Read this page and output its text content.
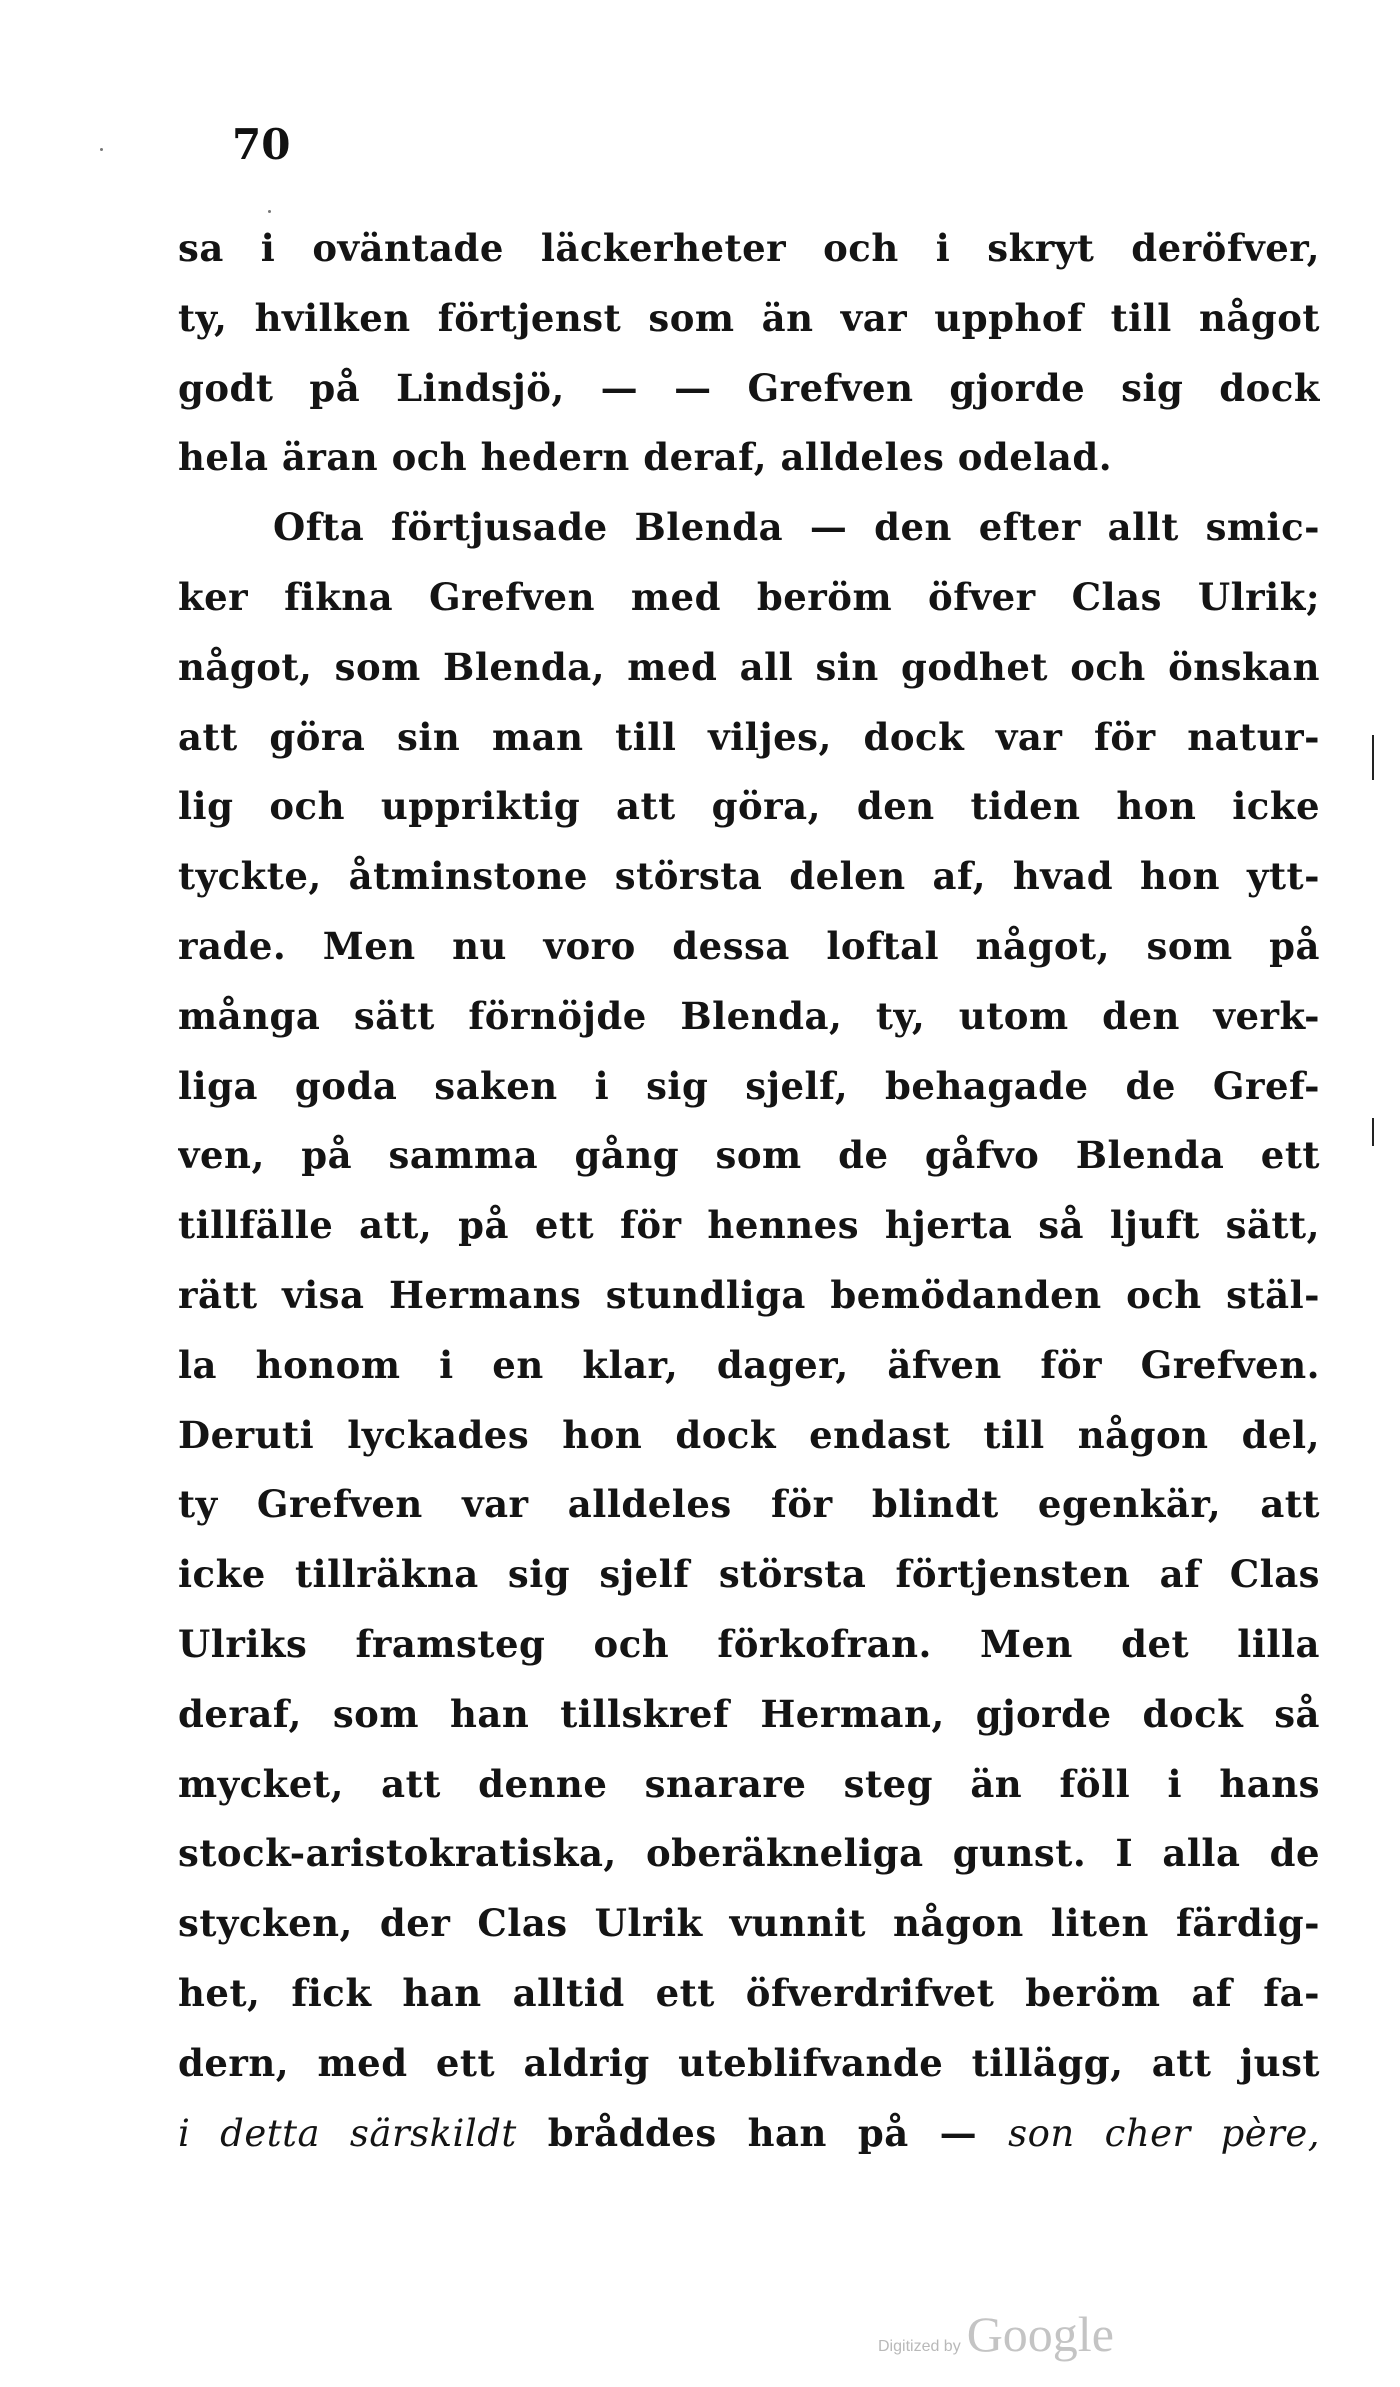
70
sa i oväntade läckerheter och i skryt deröfver,
ty, hvilken förtjenst som än var upphof till något
godt på Lindsjö, — — Grefven gjorde sig dock
hela äran och hedern deraf, alldeles odelad.
Ofta förtjusade Blenda — den efter allt smic-
ker fikna Grefven med beröm öfver Clas Ulrik;
något, som Blenda, med all sin godhet och önskan
att göra sin man till viljes, dock var för natur-
lig och uppriktig att göra, den tiden hon icke
tyckte, åtminstone största delen af, hvad hon ytt-
rade. Men nu voro dessa loftal något, som på
många sätt förnöjde Blenda, ty, utom den verk-
liga goda saken i sig sjelf, behagade de Gref-
ven, på samma gång som de gåfvo Blenda ett
tillfälle att, på ett för hennes hjerta så ljuft sätt,
rätt visa Hermans stundliga bemödanden och stäl-
la honom i en klar, dager, äfven för Grefven.
Deruti lyckades hon dock endast till någon del,
ty Grefven var alldeles för blindt egenkär, att
icke tillräkna sig sjelf största förtjensten af Clas
Ulriks framsteg och förkofran. Men det lilla
deraf, som han tillskref Herman, gjorde dock så
mycket, att denne snarare steg än föll i hans
stock-aristokratiska, oberäkneliga gunst. I alla de
stycken, der Clas Ulrik vunnit någon liten färdig-
het, fick han alltid ett öfverdrifvet beröm af fa-
dern, med ett aldrig uteblifvande tillägg, att just
i detta särskildt bråddes han på — son cher père,
Digitized by Google
